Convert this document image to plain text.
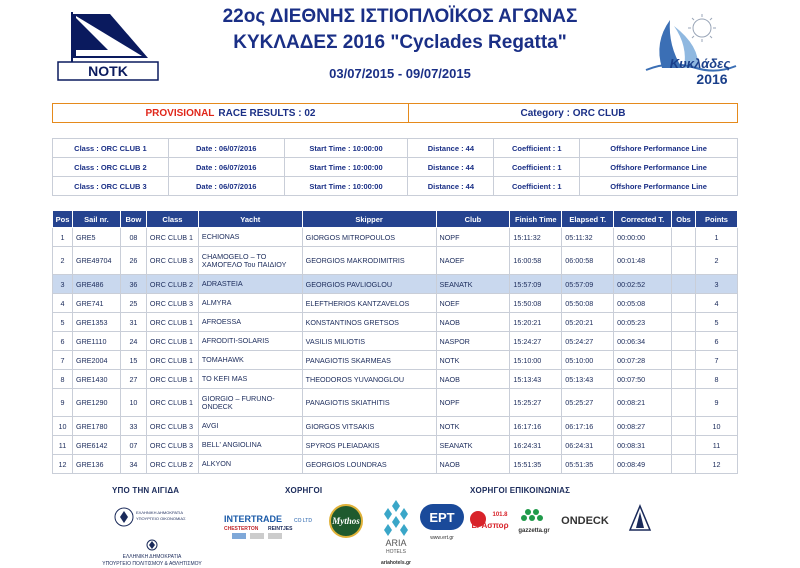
NOTK
22ος ΔΙΕΘΝΗΣ ΙΣΤΙΟΠΛΟΪΚΟΣ ΑΓΩΝΑΣ
ΚΥΚΛΑΔΕΣ 2016 "Cyclades Regatta"
03/07/2015 - 09/07/2015
Κυκλάδες
2016
PROVISIONAL RACE RESULTS : 02	Category : ORC CLUB
Class : ORC CLUB 1	Date : 06/07/2016	Start Time : 10:00:00	Distance : 44	Coefficient : 1	Offshore Performance Line
Class : ORC CLUB 2	Date : 06/07/2016	Start Time : 10:00:00	Distance : 44	Coefficient : 1	Offshore Performance Line
Class : ORC CLUB 3	Date : 06/07/2016	Start Time : 10:00:00	Distance : 44	Coefficient : 1	Offshore Performance Line
Pos	Sail nr.	Bow	Class	Yacht	Skipper	Club	Finish Time	Elapsed T.	Corrected T.	Obs	Points
1	GRE5	08	ORC CLUB 1	ECHIONAS	GIORGOS MITROPOULOS	NOPF	15:11:32	05:11:32	00:00:00		1
2	GRE49704	26	ORC CLUB 3	CHAMOGELO – TO ΧΑΜΟΓΕΛΟ Του ΠΑΙΔΙΟΥ	GEORGIOS MAKRODIMITRIS	NAOEF	16:00:58	06:00:58	00:01:48		2
3	GRE486	36	ORC CLUB 2	ADRASTEIA	GEORGIOS PAVLIOGLOU	SEANATK	15:57:09	05:57:09	00:02:52		3
4	GRE741	25	ORC CLUB 3	ALMYRA	ELEFTHERIOS KANTZAVELOS	NOEF	15:50:08	05:50:08	00:05:08		4
5	GRE1353	31	ORC CLUB 1	AFROESSA	KONSTANTINOS GRETSOS	NAOB	15:20:21	05:20:21	00:05:23		5
6	GRE1110	24	ORC CLUB 1	AFRODITI-SOLARIS	VASILIS MILIOTIS	NASPOR	15:24:27	05:24:27	00:06:34		6
7	GRE2004	15	ORC CLUB 1	TOMAHAWK	PANAGIOTIS SKARMEAS	NOTK	15:10:00	05:10:00	00:07:28		7
8	GRE1430	27	ORC CLUB 1	TO KEFI MAS	THEODOROS YUVANOGLOU	NAOB	15:13:43	05:13:43	00:07:50		8
9	GRE1290	10	ORC CLUB 1	GIORGIO – FURUNO-ONDECK	PANAGIOTIS SKIATHITIS	NOPF	15:25:27	05:25:27	00:08:21		9
10	GRE1780	33	ORC CLUB 3	AVGI	GIORGOS VITSAKIS	NOTK	16:17:16	06:17:16	00:08:27		10
11	GRE6142	07	ORC CLUB 3	BELL' ANGIOLINA	SPYROS PLEIADAKIS	SEANATK	16:24:31	06:24:31	00:08:31		11
12	GRE136	34	ORC CLUB 2	ALKYON	GEORGIOS LOUNDRAS	NAOB	15:51:35	05:51:35	00:08:49		12
ΥΠΟ ΤΗΝ ΑΙΓΙΔΑ	ΧΟΡΗΓΟΙ	ΧΟΡΗΓΟΙ ΕΠΙΚΟΙΝΩΝΙΑΣ
ΕΛΛΗΝΙΚΗ ΔΗΜΟΚΡΑΤΙΑ
ΥΠΟΥΡΓΕΙΟ ΟΙΚΟΝΟΜΙΑΣ
ΕΛΛΗΝΙΚΗ ΔΗΜΟΚΡΑΤΙΑ
ΥΠΟΥΡΓΕΙΟ ΠΟΛΙΤΙΣΜΟΥ & ΑΘΛΗΤΙΣΜΟΥ
INTERTRADE CO LTD
CHESTERTON REINTJES
Mythos
ARIA
HOTELS
ariahotels.gr
ΕΡΤ
www.ert.gr
101.8
ΕΡΑσπορ
gazzetta.gr
ONDECK
